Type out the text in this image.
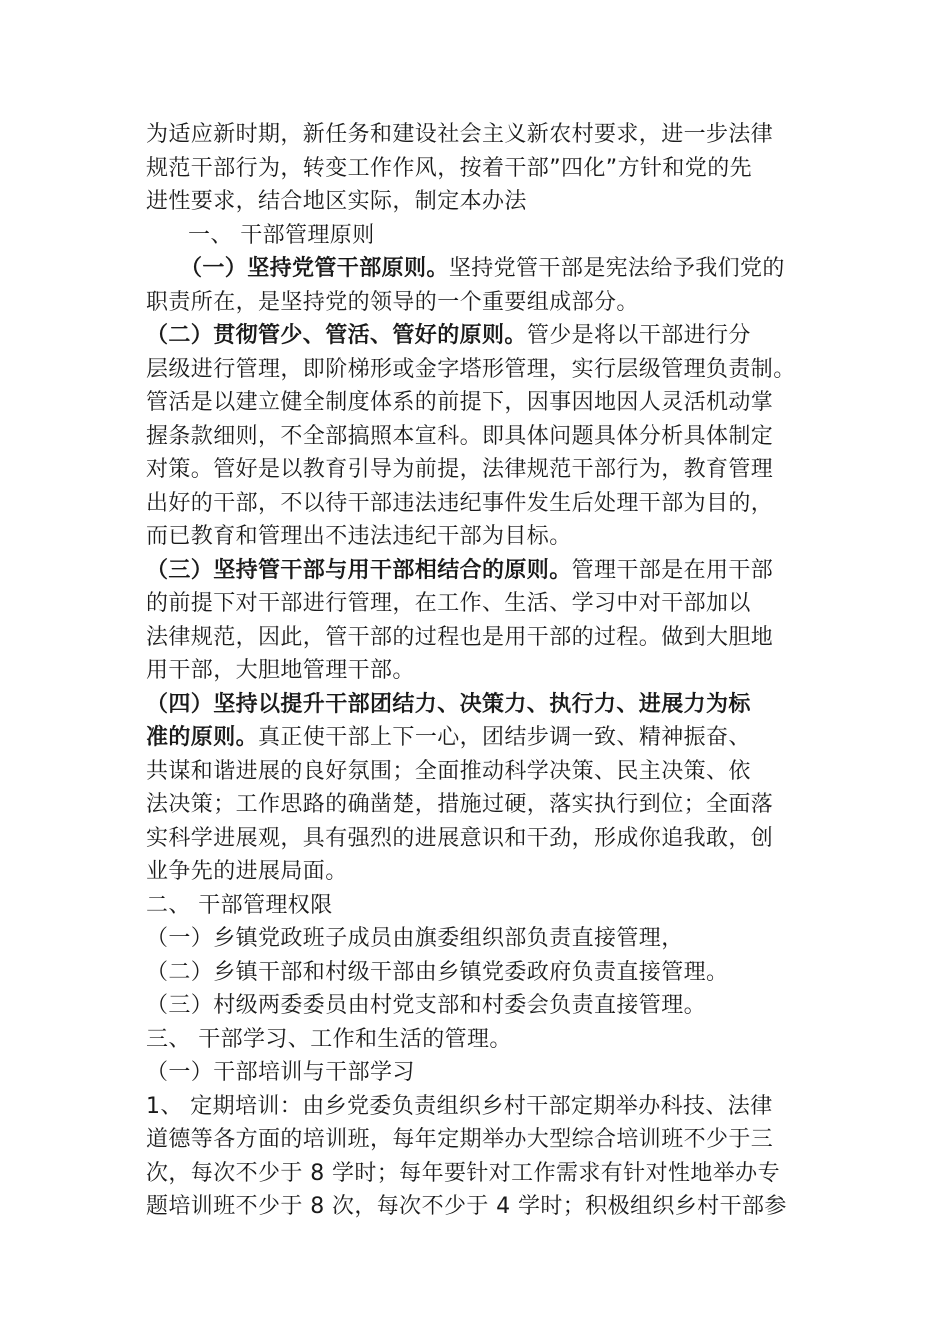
为适应新时期，新任务和建设社会主义新农村要求，进一步法律
规范干部行为，转变工作作风，按着干部”四化”方针和党的先
进性要求，结合地区实际，制定本办法
一、 干部管理原则
（一）坚持党管干部原则。坚持党管干部是宪法给予我们党的
职责所在，是坚持党的领导的一个重要组成部分。
（二）贯彻管少、管活、管好的原则。管少是将以干部进行分
层级进行管理，即阶梯形或金字塔形管理，实行层级管理负责制。
管活是以建立健全制度体系的前提下，因事因地因人灵活机动掌
握条款细则，不全部搞照本宣科。即具体问题具体分析具体制定
对策。管好是以教育引导为前提，法律规范干部行为，教育管理
出好的干部，不以待干部违法违纪事件发生后处理干部为目的，
而已教育和管理出不违法违纪干部为目标。
（三）坚持管干部与用干部相结合的原则。管理干部是在用干部
的前提下对干部进行管理，在工作、生活、学习中对干部加以
法律规范，因此，管干部的过程也是用干部的过程。做到大胆地
用干部，大胆地管理干部。
（四）坚持以提升干部团结力、决策力、执行力、进展力为标
准的原则。真正使干部上下一心，团结步调一致、精神振奋、
共谋和谐进展的良好氛围；全面推动科学决策、民主决策、依
法决策；工作思路的确凿楚，措施过硬，落实执行到位；全面落
实科学进展观，具有强烈的进展意识和干劲，形成你追我敢，创
业争先的进展局面。
二、 干部管理权限
（一）乡镇党政班子成员由旗委组织部负责直接管理，
（二）乡镇干部和村级干部由乡镇党委政府负责直接管理。
（三）村级两委委员由村党支部和村委会负责直接管理。
三、 干部学习、工作和生活的管理。
（一）干部培训与干部学习
1、 定期培训：由乡党委负责组织乡村干部定期举办科技、法律
道德等各方面的培训班，每年定期举办大型综合培训班不少于三
次，每次不少于 8 学时；每年要针对工作需求有针对性地举办专
题培训班不少于 8 次，每次不少于 4 学时；积极组织乡村干部参
